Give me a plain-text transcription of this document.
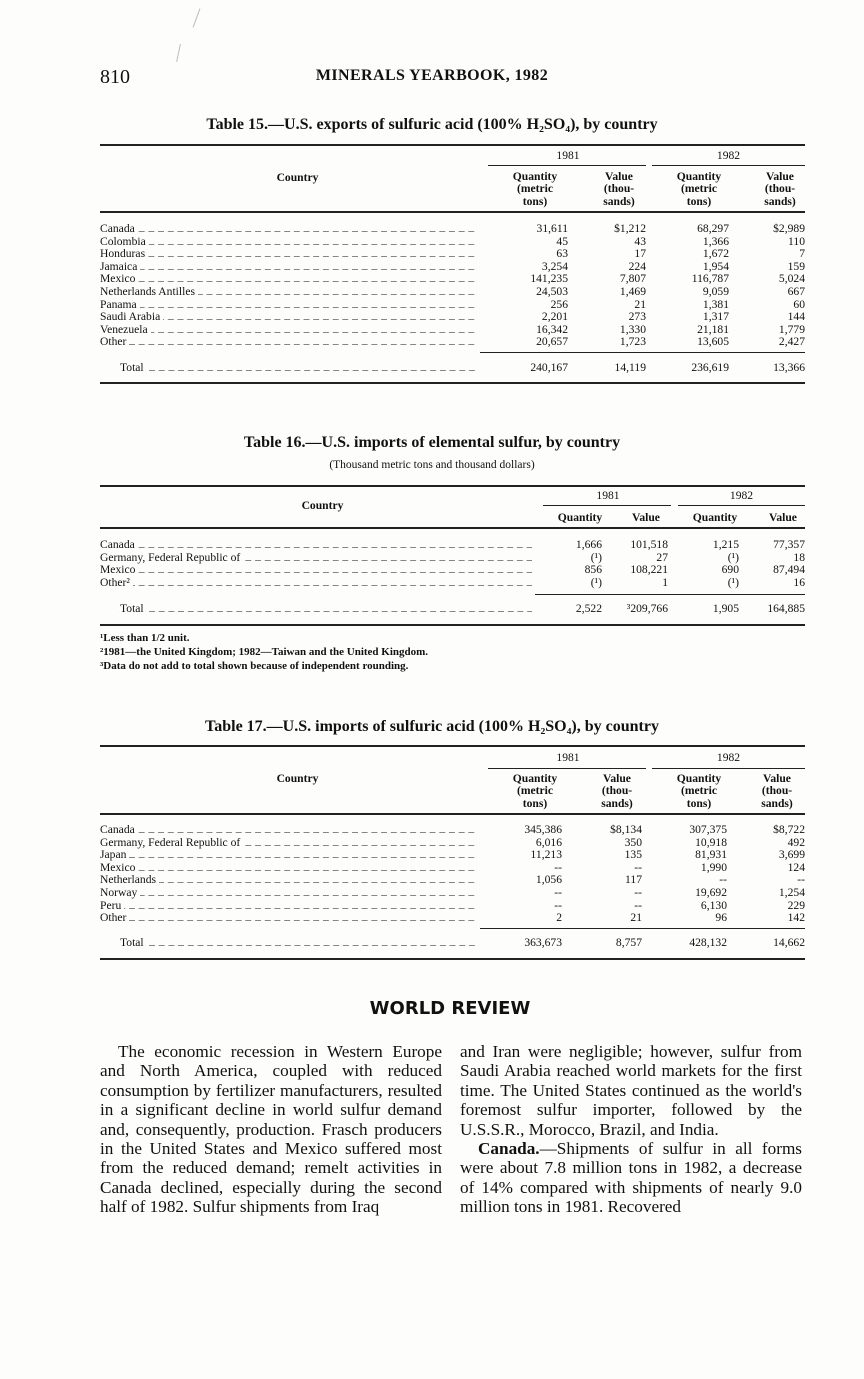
810	MINERALS YEARBOOK, 1982
Table 15.—U.S. exports of sulfuric acid (100% H₂SO₄), by country
1981	1982
Country	Quantity (metric tons)
Value (thou- sands)
Quantity (metric tons)
Value (thou- sands)
Canada _ _ _	31,611	$1,212	68,297	$2,989

Colombia _ _ _	45	43	1,366	110

Honduras _ _ _	63	17	1,672	7

Jamaica _ _ _	3,254	224	1,954	159

Mexico _ _ _	141,235	7,807	116,787	5,024

Netherlands Antilles _ _ _	24,503	1,469	9,059	667

Panama _ _ _	256	21	1,381	60

Saudi Arabia _ _ _	2,201	273	1,317	144

Venezuela _ _ _	16,342	1,330	21,181	1,779

Other _ _ _	20,657	1,723	13,605	2,427
Total _ _ _	240,167	14,119	236,619	13,366
Table 16.—U.S. imports of elemental sulfur, by country
(Thousand metric tons and thousand dollars)
1981	1982
Country
Quantity	Value	Quantity	Value
Canada _ _ _	1,666	101,518	1,215	77,357

Germany, Federal Republic of _ _ _	(¹)	27	(¹)	18

Mexico _ _ _	856	108,221	690	87,494

Other² _ _ _	(¹)	1	(¹)	16
Total _ _ _	2,522	³209,766	1,905	164,885
¹Less than 1/2 unit.
²1981—the United Kingdom; 1982—Taiwan and the United Kingdom.
³Data do not add to total shown because of independent rounding.
Table 17.—U.S. imports of sulfuric acid (100% H₂SO₄), by country
1981	1982
Country	Quantity (metric tons)
Value (thou- sands)
Quantity (metric tons)
Value (thou- sands)
Canada _ _ _	345,386	$8,134	307,375	$8,722

Germany, Federal Republic of _ _ _	6,016	350	10,918	492

Japan _ _ _	11,213	135	81,931	3,699

Mexico _ _ _	--	--	1,990	124

Netherlands _ _ _	1,056	117	--	--

Norway _ _ _	--	--	19,692	1,254

Peru _ _ _	--	--	6,130	229

Other _ _ _	2	21	96	142
Total _ _ _	363,673	8,757	428,132	14,662
WORLD REVIEW

The economic recession in Western Europe and North America, coupled with reduced consumption by fertilizer manufacturers, resulted in a significant decline in world sulfur demand and, consequently, production. Frasch producers in the United States and Mexico suffered most from the reduced demand; remelt activities in Canada declined, especially during the second half of 1982. Sulfur shipments from Iraq

and Iran were negligible; however, sulfur from Saudi Arabia reached world markets for the first time. The United States continued as the world's foremost sulfur importer, followed by the U.S.S.R., Morocco, Brazil, and India.

Canada.—Shipments of sulfur in all forms were about 7.8 million tons in 1982, a decrease of 14% compared with shipments of nearly 9.0 million tons in 1981. Recovered
